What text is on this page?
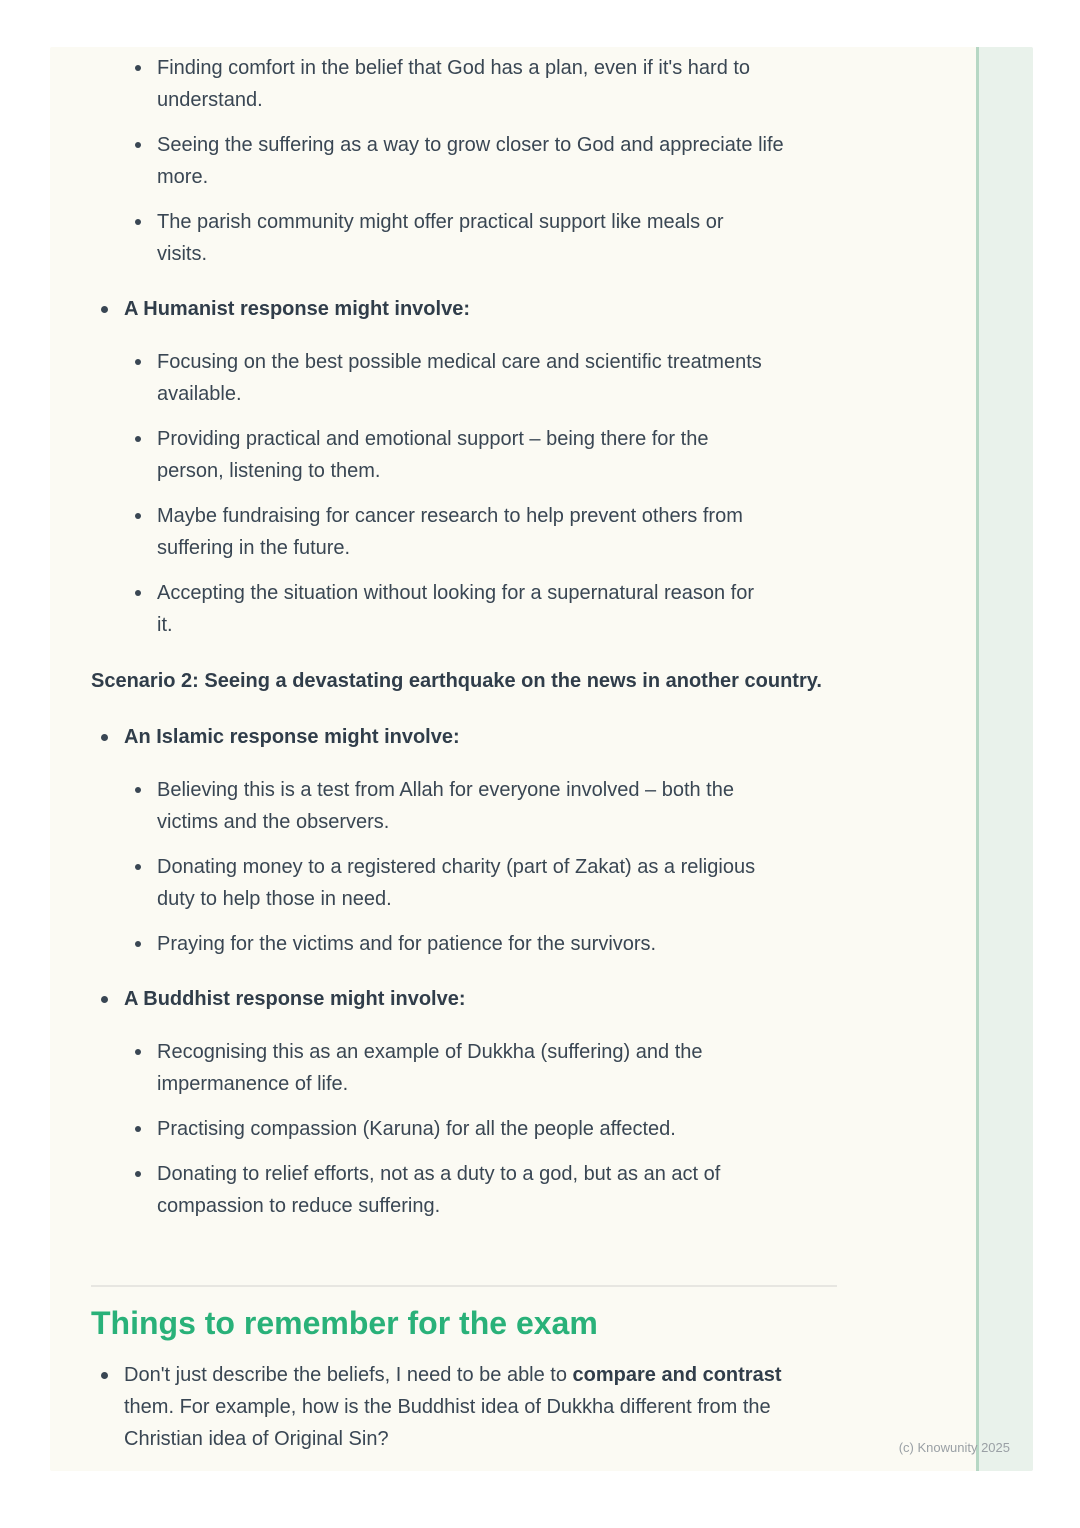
Finding comfort in the belief that God has a plan, even if it's hard to
understand.
Seeing the suffering as a way to grow closer to God and appreciate life
more.
The parish community might offer practical support like meals or
visits.
A Humanist response might involve:
Focusing on the best possible medical care and scientific treatments
available.
Providing practical and emotional support – being there for the
person, listening to them.
Maybe fundraising for cancer research to help prevent others from
suffering in the future.
Accepting the situation without looking for a supernatural reason for
it.

Scenario 2: Seeing a devastating earthquake on the news in another country.

An Islamic response might involve:
Believing this is a test from Allah for everyone involved – both the
victims and the observers.
Donating money to a registered charity (part of Zakat) as a religious
duty to help those in need.
Praying for the victims and for patience for the survivors.
A Buddhist response might involve:
Recognising this as an example of Dukkha (suffering) and the
impermanence of life.
Practising compassion (Karuna) for all the people affected.
Donating to relief efforts, not as a duty to a god, but as an act of
compassion to reduce suffering.
Things to remember for the exam
Don't just describe the beliefs, I need to be able to compare and contrast
them. For example, how is the Buddhist idea of Dukkha different from the
Christian idea of Original Sin?	(c) Knowunity 2025
